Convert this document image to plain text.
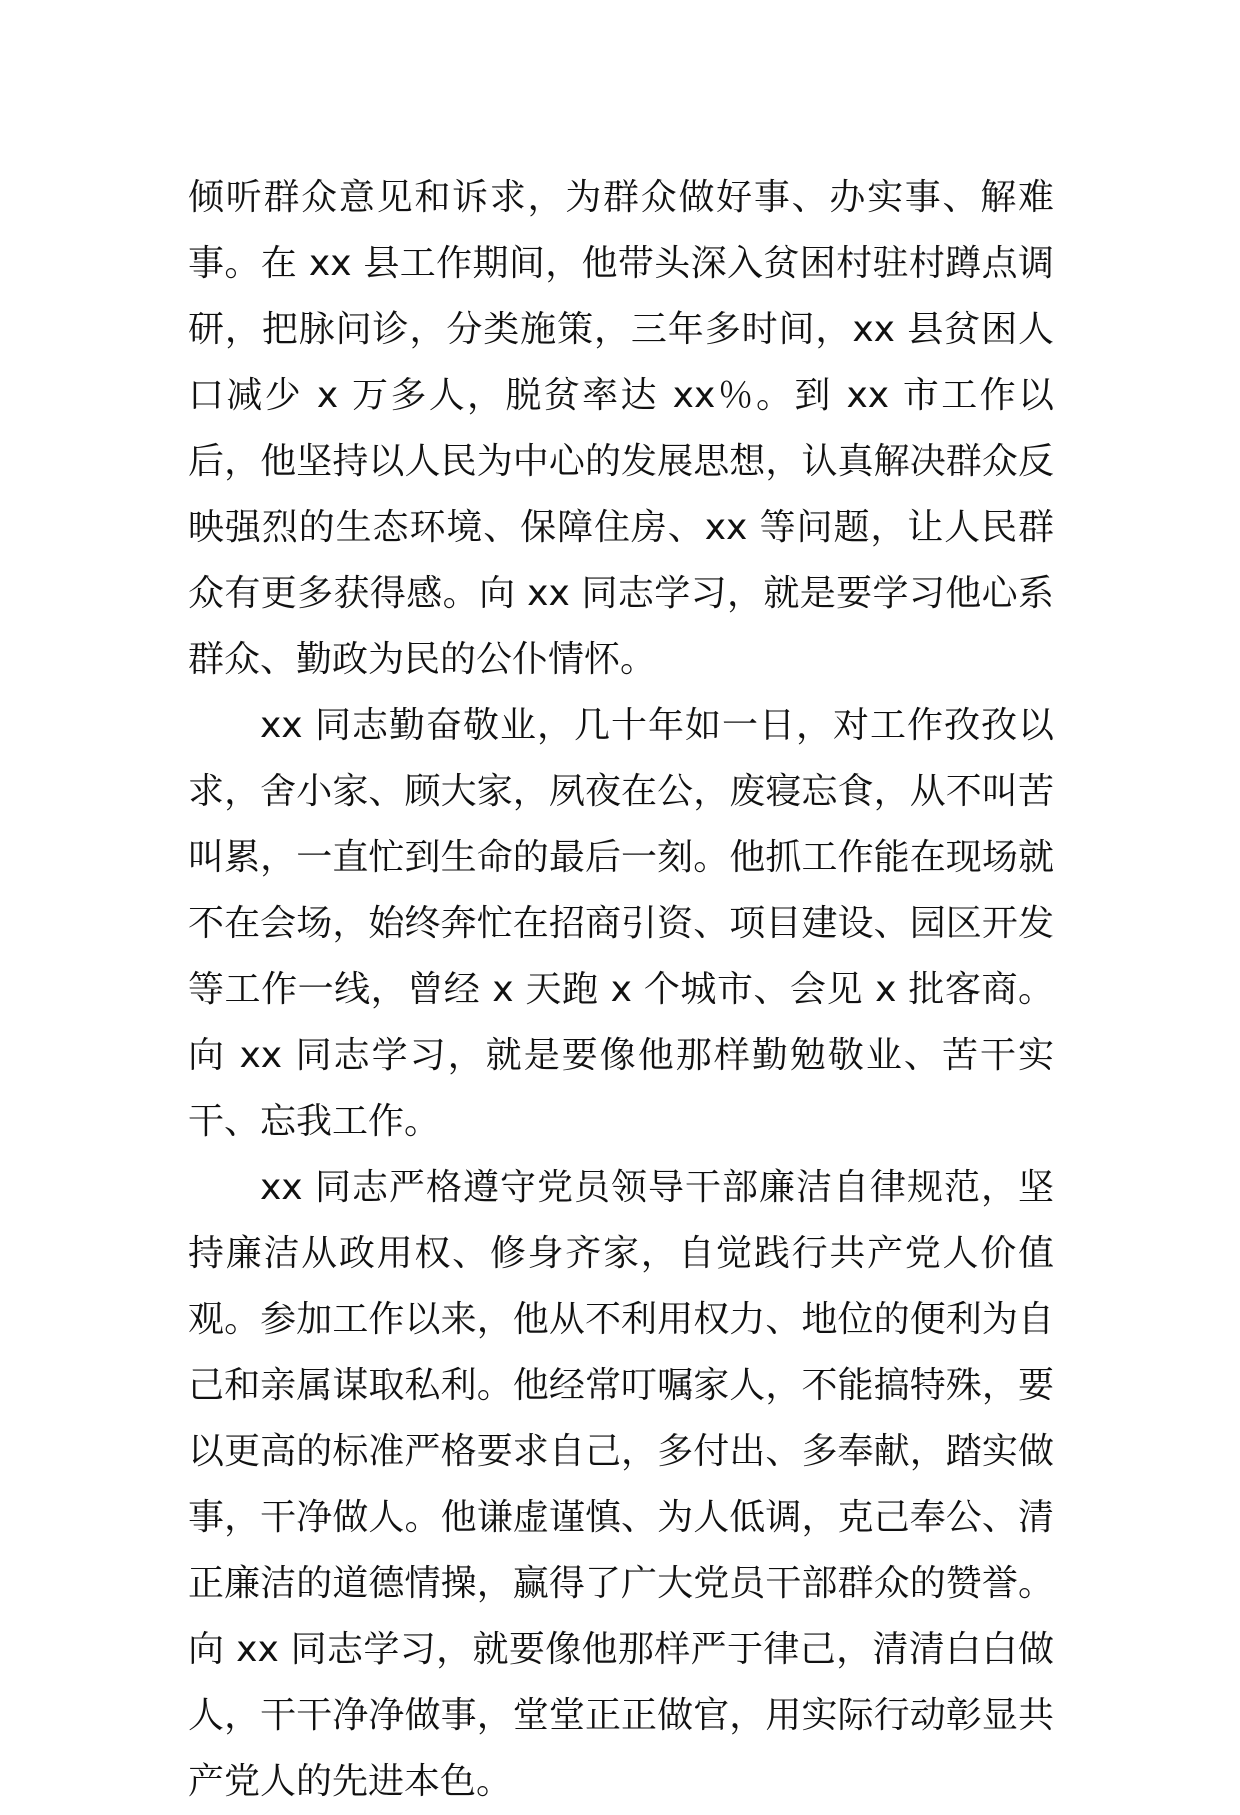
倾听群众意见和诉求，为群众做好事、办实事、解难事。在 xx 县工作期间，他带头深入贫困村驻村蹲点调研，把脉问诊，分类施策，三年多时间，xx 县贫困人口减少 x 万多人，脱贫率达 xx％。到 xx 市工作以后，他坚持以人民为中心的发展思想，认真解决群众反映强烈的生态环境、保障住房、xx 等问题，让人民群众有更多获得感。向 xx 同志学习，就是要学习他心系群众、勤政为民的公仆情怀。

xx 同志勤奋敬业，几十年如一日，对工作孜孜以求，舍小家、顾大家，夙夜在公，废寝忘食，从不叫苦叫累，一直忙到生命的最后一刻。他抓工作能在现场就不在会场，始终奔忙在招商引资、项目建设、园区开发等工作一线，曾经 x 天跑 x 个城市、会见 x 批客商。向 xx 同志学习，就是要像他那样勤勉敬业、苦干实干、忘我工作。

xx 同志严格遵守党员领导干部廉洁自律规范，坚持廉洁从政用权、修身齐家，自觉践行共产党人价值观。参加工作以来，他从不利用权力、地位的便利为自己和亲属谋取私利。他经常叮嘱家人，不能搞特殊，要以更高的标准严格要求自己，多付出、多奉献，踏实做事，干净做人。他谦虚谨慎、为人低调，克己奉公、清正廉洁的道德情操，赢得了广大党员干部群众的赞誉。向 xx 同志学习，就要像他那样严于律己，清清白白做人，干干净净做事，堂堂正正做官，用实际行动彰显共产党人的先进本色。
